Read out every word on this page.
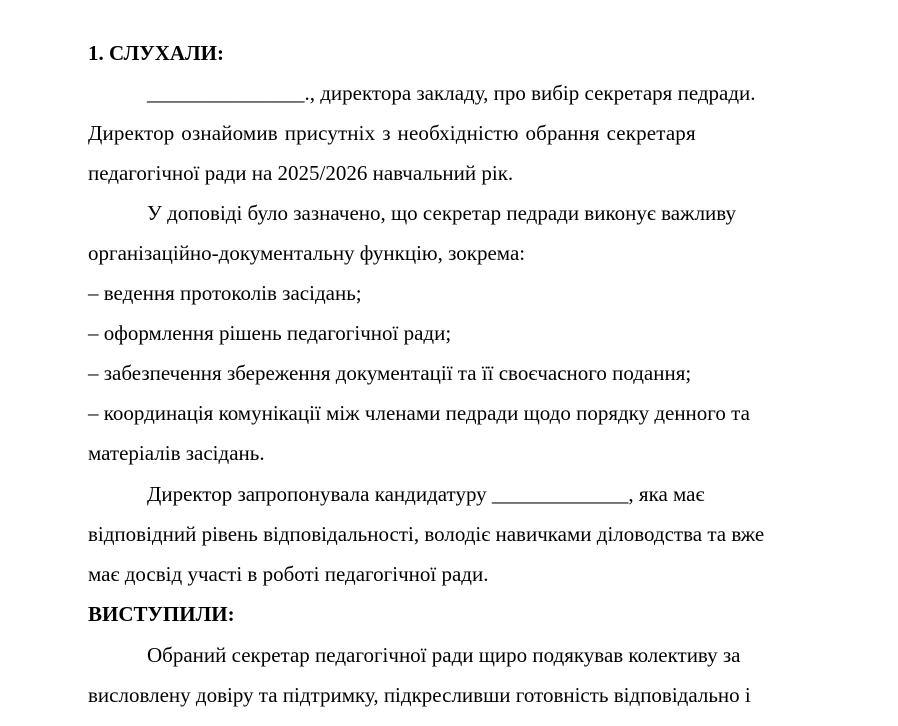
1. СЛУХАЛИ:
_______________., директора закладу, про вибір секретаря педради.
Директор ознайомив присутніх з необхідністю обрання секретаря
педагогічної ради на 2025/2026 навчальний рік.
У доповіді було зазначено, що секретар педради виконує важливу
організаційно-документальну функцію, зокрема:
– ведення протоколів засідань;
– оформлення рішень педагогічної ради;
– забезпечення збереження документації та її своєчасного подання;
– координація комунікації між членами педради щодо порядку денного та
матеріалів засідань.
Директор запропонувала кандидатуру _____________, яка має
відповідний рівень відповідальності, володіє навичками діловодства та вже
має досвід участі в роботі педагогічної ради.
ВИСТУПИЛИ:
Обраний секретар педагогічної ради щиро подякував колективу за
висловлену довіру та підтримку, підкресливши готовність відповідально і
